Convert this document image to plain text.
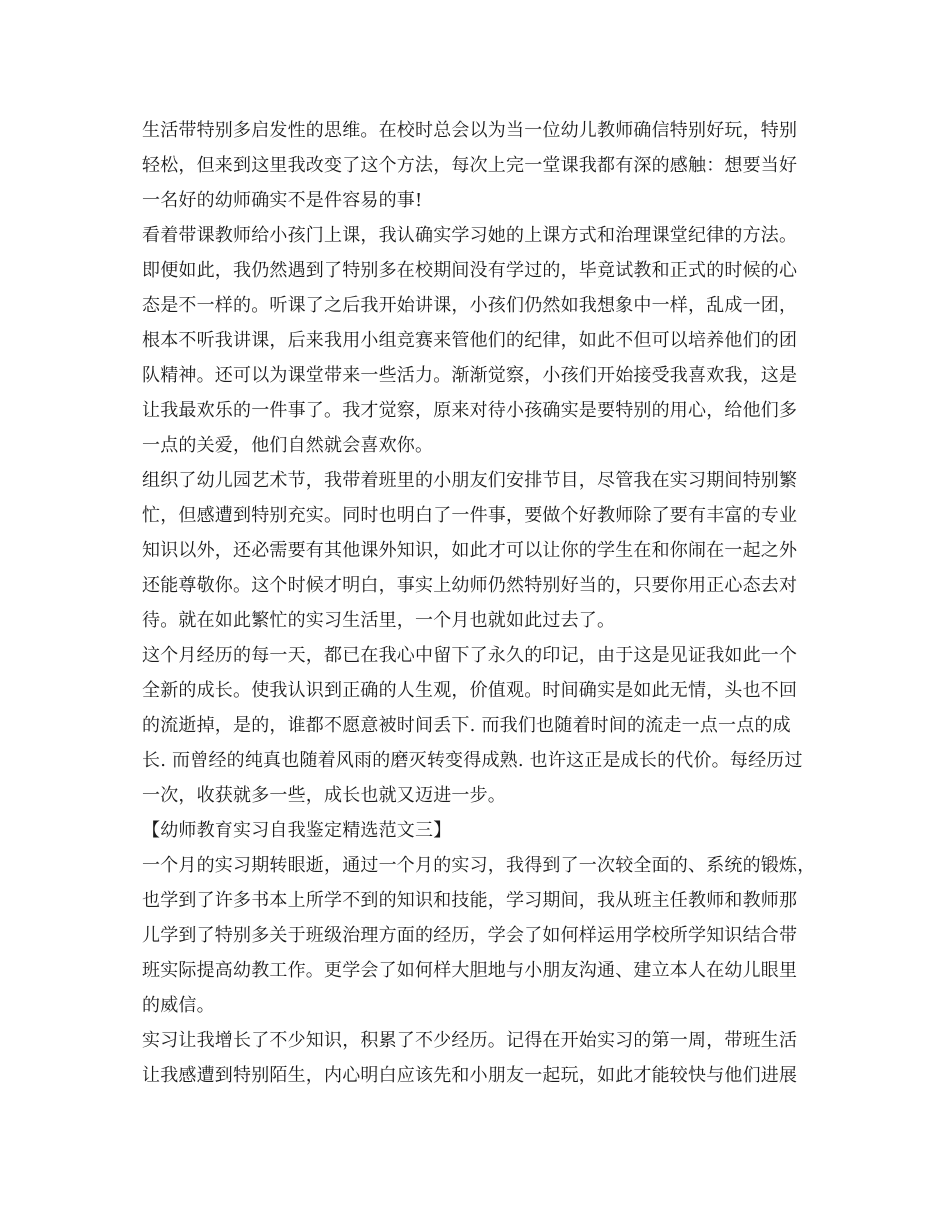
生活带特别多启发性的思维。在校时总会以为当一位幼儿教师确信特别好玩，特别
轻松，但来到这里我改变了这个方法，每次上完一堂课我都有深的感触：想要当好
一名好的幼师确实不是件容易的事!
看着带课教师给小孩门上课，我认确实学习她的上课方式和治理课堂纪律的方法。
即便如此，我仍然遇到了特别多在校期间没有学过的，毕竟试教和正式的时候的心
态是不一样的。听课了之后我开始讲课，小孩们仍然如我想象中一样，乱成一团，
根本不听我讲课，后来我用小组竞赛来管他们的纪律，如此不但可以培养他们的团
队精神。还可以为课堂带来一些活力。渐渐觉察，小孩们开始接受我喜欢我，这是
让我最欢乐的一件事了。我才觉察，原来对待小孩确实是要特别的用心，给他们多
一点的关爱，他们自然就会喜欢你。
组织了幼儿园艺术节，我带着班里的小朋友们安排节目，尽管我在实习期间特别繁
忙，但感遭到特别充实。同时也明白了一件事，要做个好教师除了要有丰富的专业
知识以外，还必需要有其他课外知识，如此才可以让你的学生在和你闹在一起之外
还能尊敬你。这个时候才明白，事实上幼师仍然特别好当的，只要你用正心态去对
待。就在如此繁忙的实习生活里，一个月也就如此过去了。
这个月经历的每一天，都已在我心中留下了永久的印记，由于这是见证我如此一个
全新的成长。使我认识到正确的人生观，价值观。时间确实是如此无情，头也不回
的流逝掉，是的，谁都不愿意被时间丢下. 而我们也随着时间的流走一点一点的成
长. 而曾经的纯真也随着风雨的磨灭转变得成熟. 也许这正是成长的代价。每经历过
一次，收获就多一些，成长也就又迈进一步。
【幼师教育实习自我鉴定精选范文三】
一个月的实习期转眼逝，通过一个月的实习，我得到了一次较全面的、系统的锻炼，
也学到了许多书本上所学不到的知识和技能，学习期间，我从班主任教师和教师那
儿学到了特别多关于班级治理方面的经历，学会了如何样运用学校所学知识结合带
班实际提高幼教工作。更学会了如何样大胆地与小朋友沟通、建立本人在幼儿眼里
的威信。
实习让我增长了不少知识，积累了不少经历。记得在开始实习的第一周，带班生活
让我感遭到特别陌生，内心明白应该先和小朋友一起玩，如此才能较快与他们进展
